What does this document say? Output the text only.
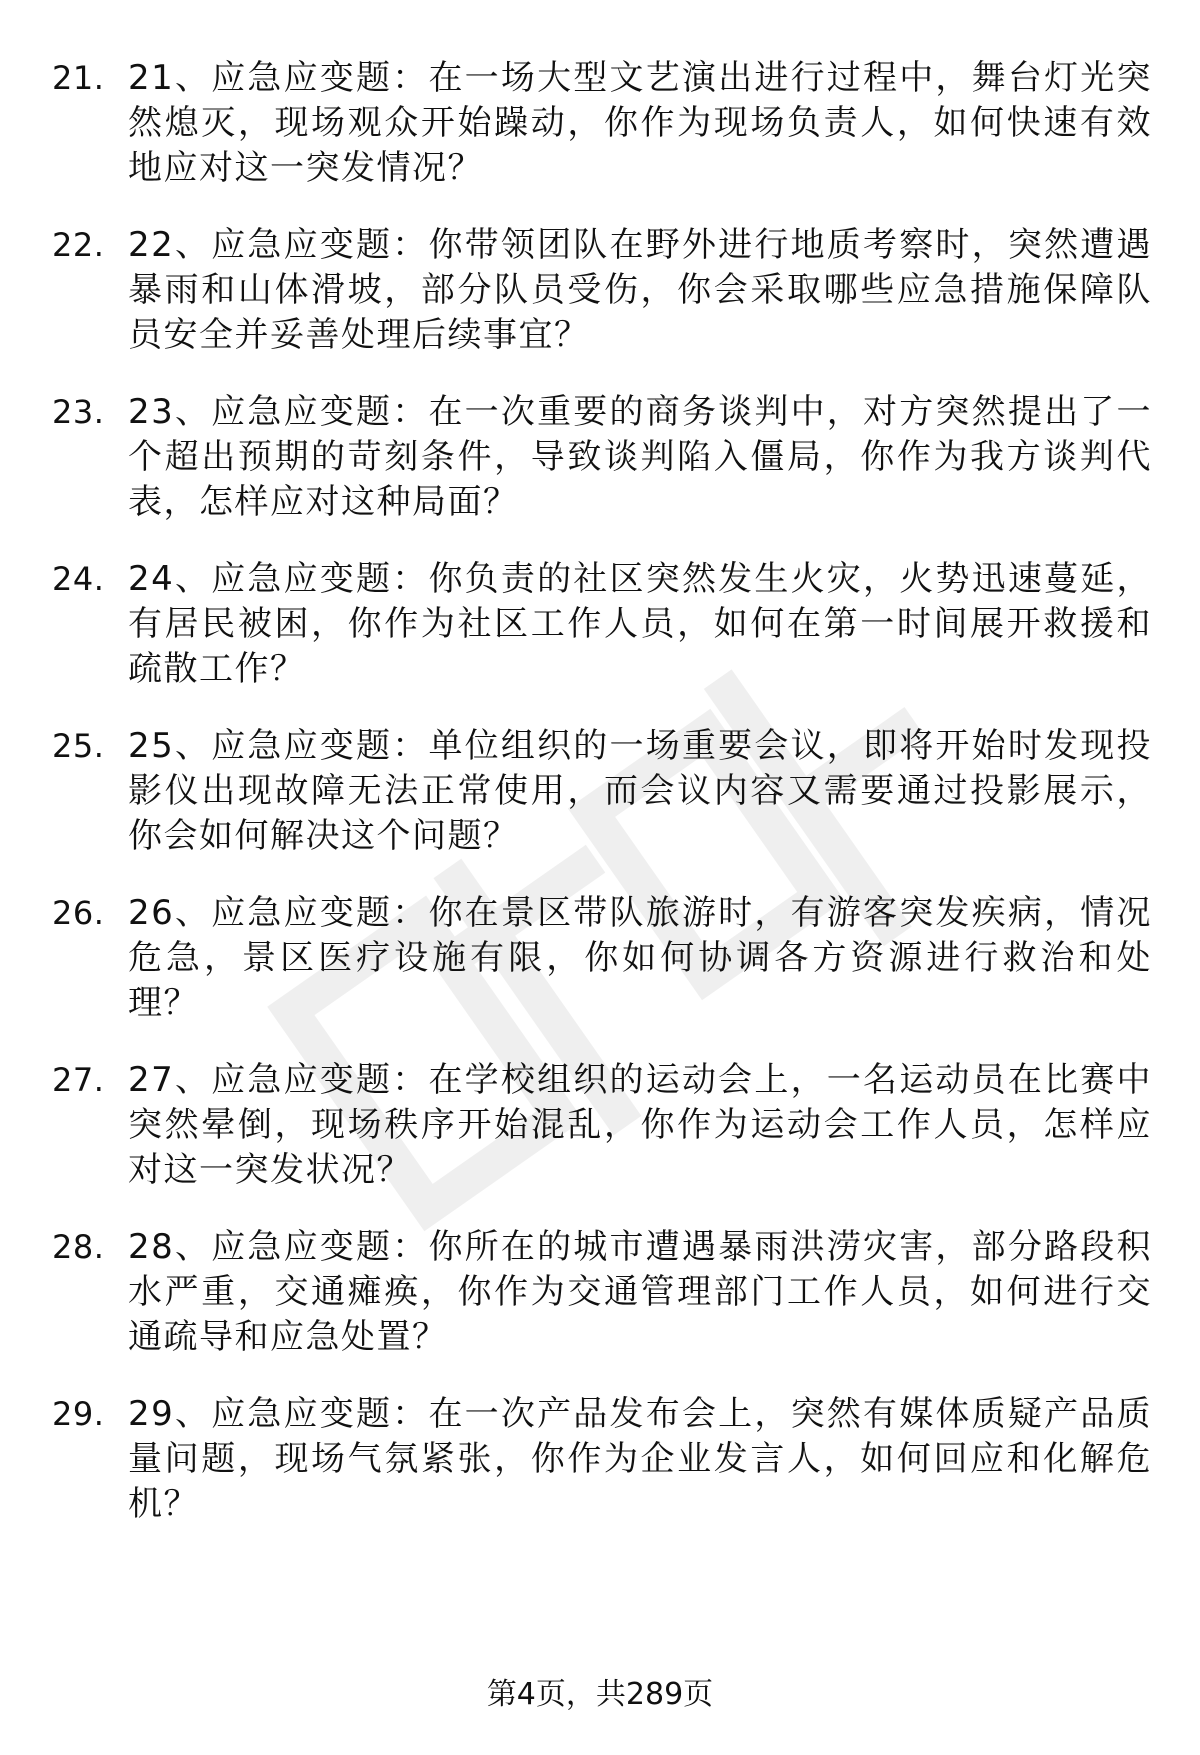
21. 21、应急应变题：在一场大型文艺演出进行过程中，舞台灯光突然熄灭，现场观众开始躁动，你作为现场负责人，如何快速有效地应对这一突发情况？
22. 22、应急应变题：你带领团队在野外进行地质考察时，突然遭遇暴雨和山体滑坡，部分队员受伤，你会采取哪些应急措施保障队员安全并妥善处理后续事宜？
23. 23、应急应变题：在一次重要的商务谈判中，对方突然提出了一个超出预期的苛刻条件，导致谈判陷入僵局，你作为我方谈判代表，怎样应对这种局面？
24. 24、应急应变题：你负责的社区突然发生火灾，火势迅速蔓延，有居民被困，你作为社区工作人员，如何在第一时间展开救援和疏散工作？
25. 25、应急应变题：单位组织的一场重要会议，即将开始时发现投影仪出现故障无法正常使用，而会议内容又需要通过投影展示，你会如何解决这个问题？
26. 26、应急应变题：你在景区带队旅游时，有游客突发疾病，情况危急，景区医疗设施有限，你如何协调各方资源进行救治和处理？
27. 27、应急应变题：在学校组织的运动会上，一名运动员在比赛中突然晕倒，现场秩序开始混乱，你作为运动会工作人员，怎样应对这一突发状况？
28. 28、应急应变题：你所在的城市遭遇暴雨洪涝灾害，部分路段积水严重，交通瘫痪，你作为交通管理部门工作人员，如何进行交通疏导和应急处置？
29. 29、应急应变题：在一次产品发布会上，突然有媒体质疑产品质量问题，现场气氛紧张，你作为企业发言人，如何回应和化解危机？
第4页，共289页
